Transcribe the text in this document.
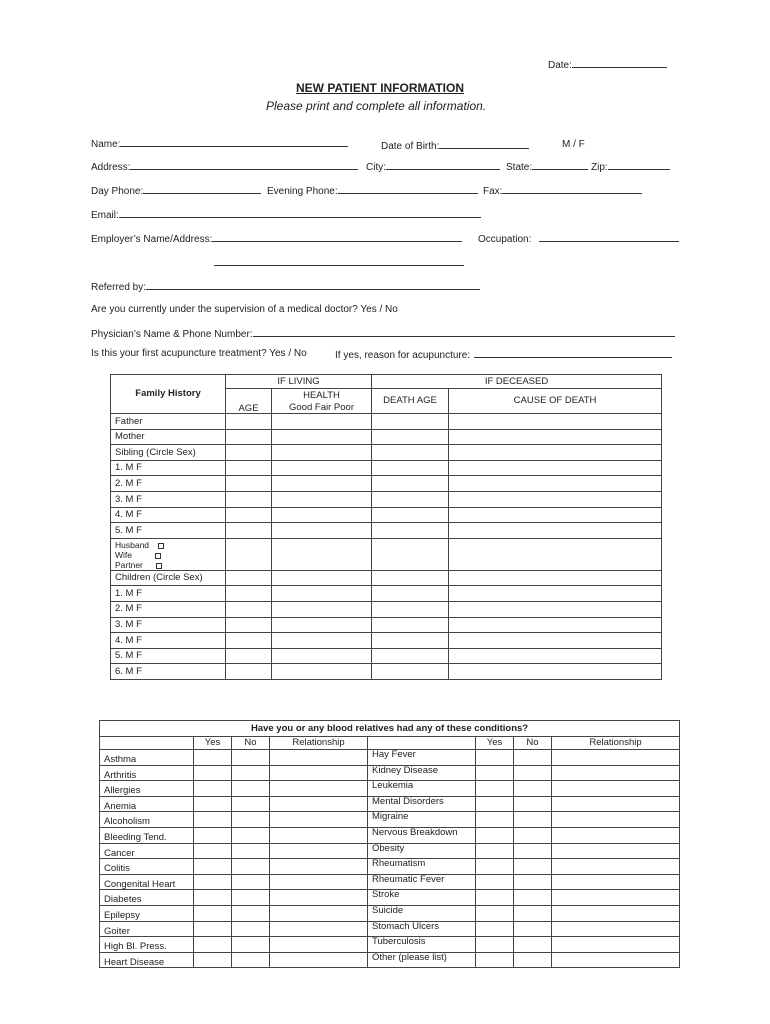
Date:
NEW PATIENT INFORMATION
Please print and complete all information.
Name:	Date of Birth:	M / F
Address:	City:	State:	Zip:
Day Phone:	Evening Phone:	Fax:
Email:
Employer’s Name/Address:	Occupation:
Referred by:
Are you currently under the supervision of a medical doctor? Yes / No
Physician’s Name & Phone Number:
Is this your first acupuncture treatment? Yes / No	If yes, reason for acupuncture:
Family History	IF LIVING		IF DECEASED	
	AGE	HEALTH	DEATH AGE	CAUSE OF DEATH
		Good Fair Poor		
Father				
Mother				
Sibling (Circle Sex)				
1. M F				
2. M F				
3. M F				
4. M F				
5. M F				

Husband
Wife
Partner				

Children (Circle Sex)				
1. M F				
2. M F				
3. M F				
4. M F				
5. M F				
6. M F				
Have you or any blood relatives had any of these conditions?							
	Yes	No	Relationship		Yes	No	Relationship
Asthma				Hay Fever			
Arthritis				Kidney Disease			
Allergies				Leukemia			
Anemia				Mental Disorders			
Alcoholism				Migraine			
Bleeding Tend.				Nervous Breakdown			
Cancer				Obesity			
Colitis				Rheumatism			
Congenital Heart				Rheumatic Fever			
Diabetes				Stroke			
Epilepsy				Suicide			
Goiter				Stomach Ulcers			
High Bl. Press.				Tuberculosis			
Heart Disease				Other (please list)			
